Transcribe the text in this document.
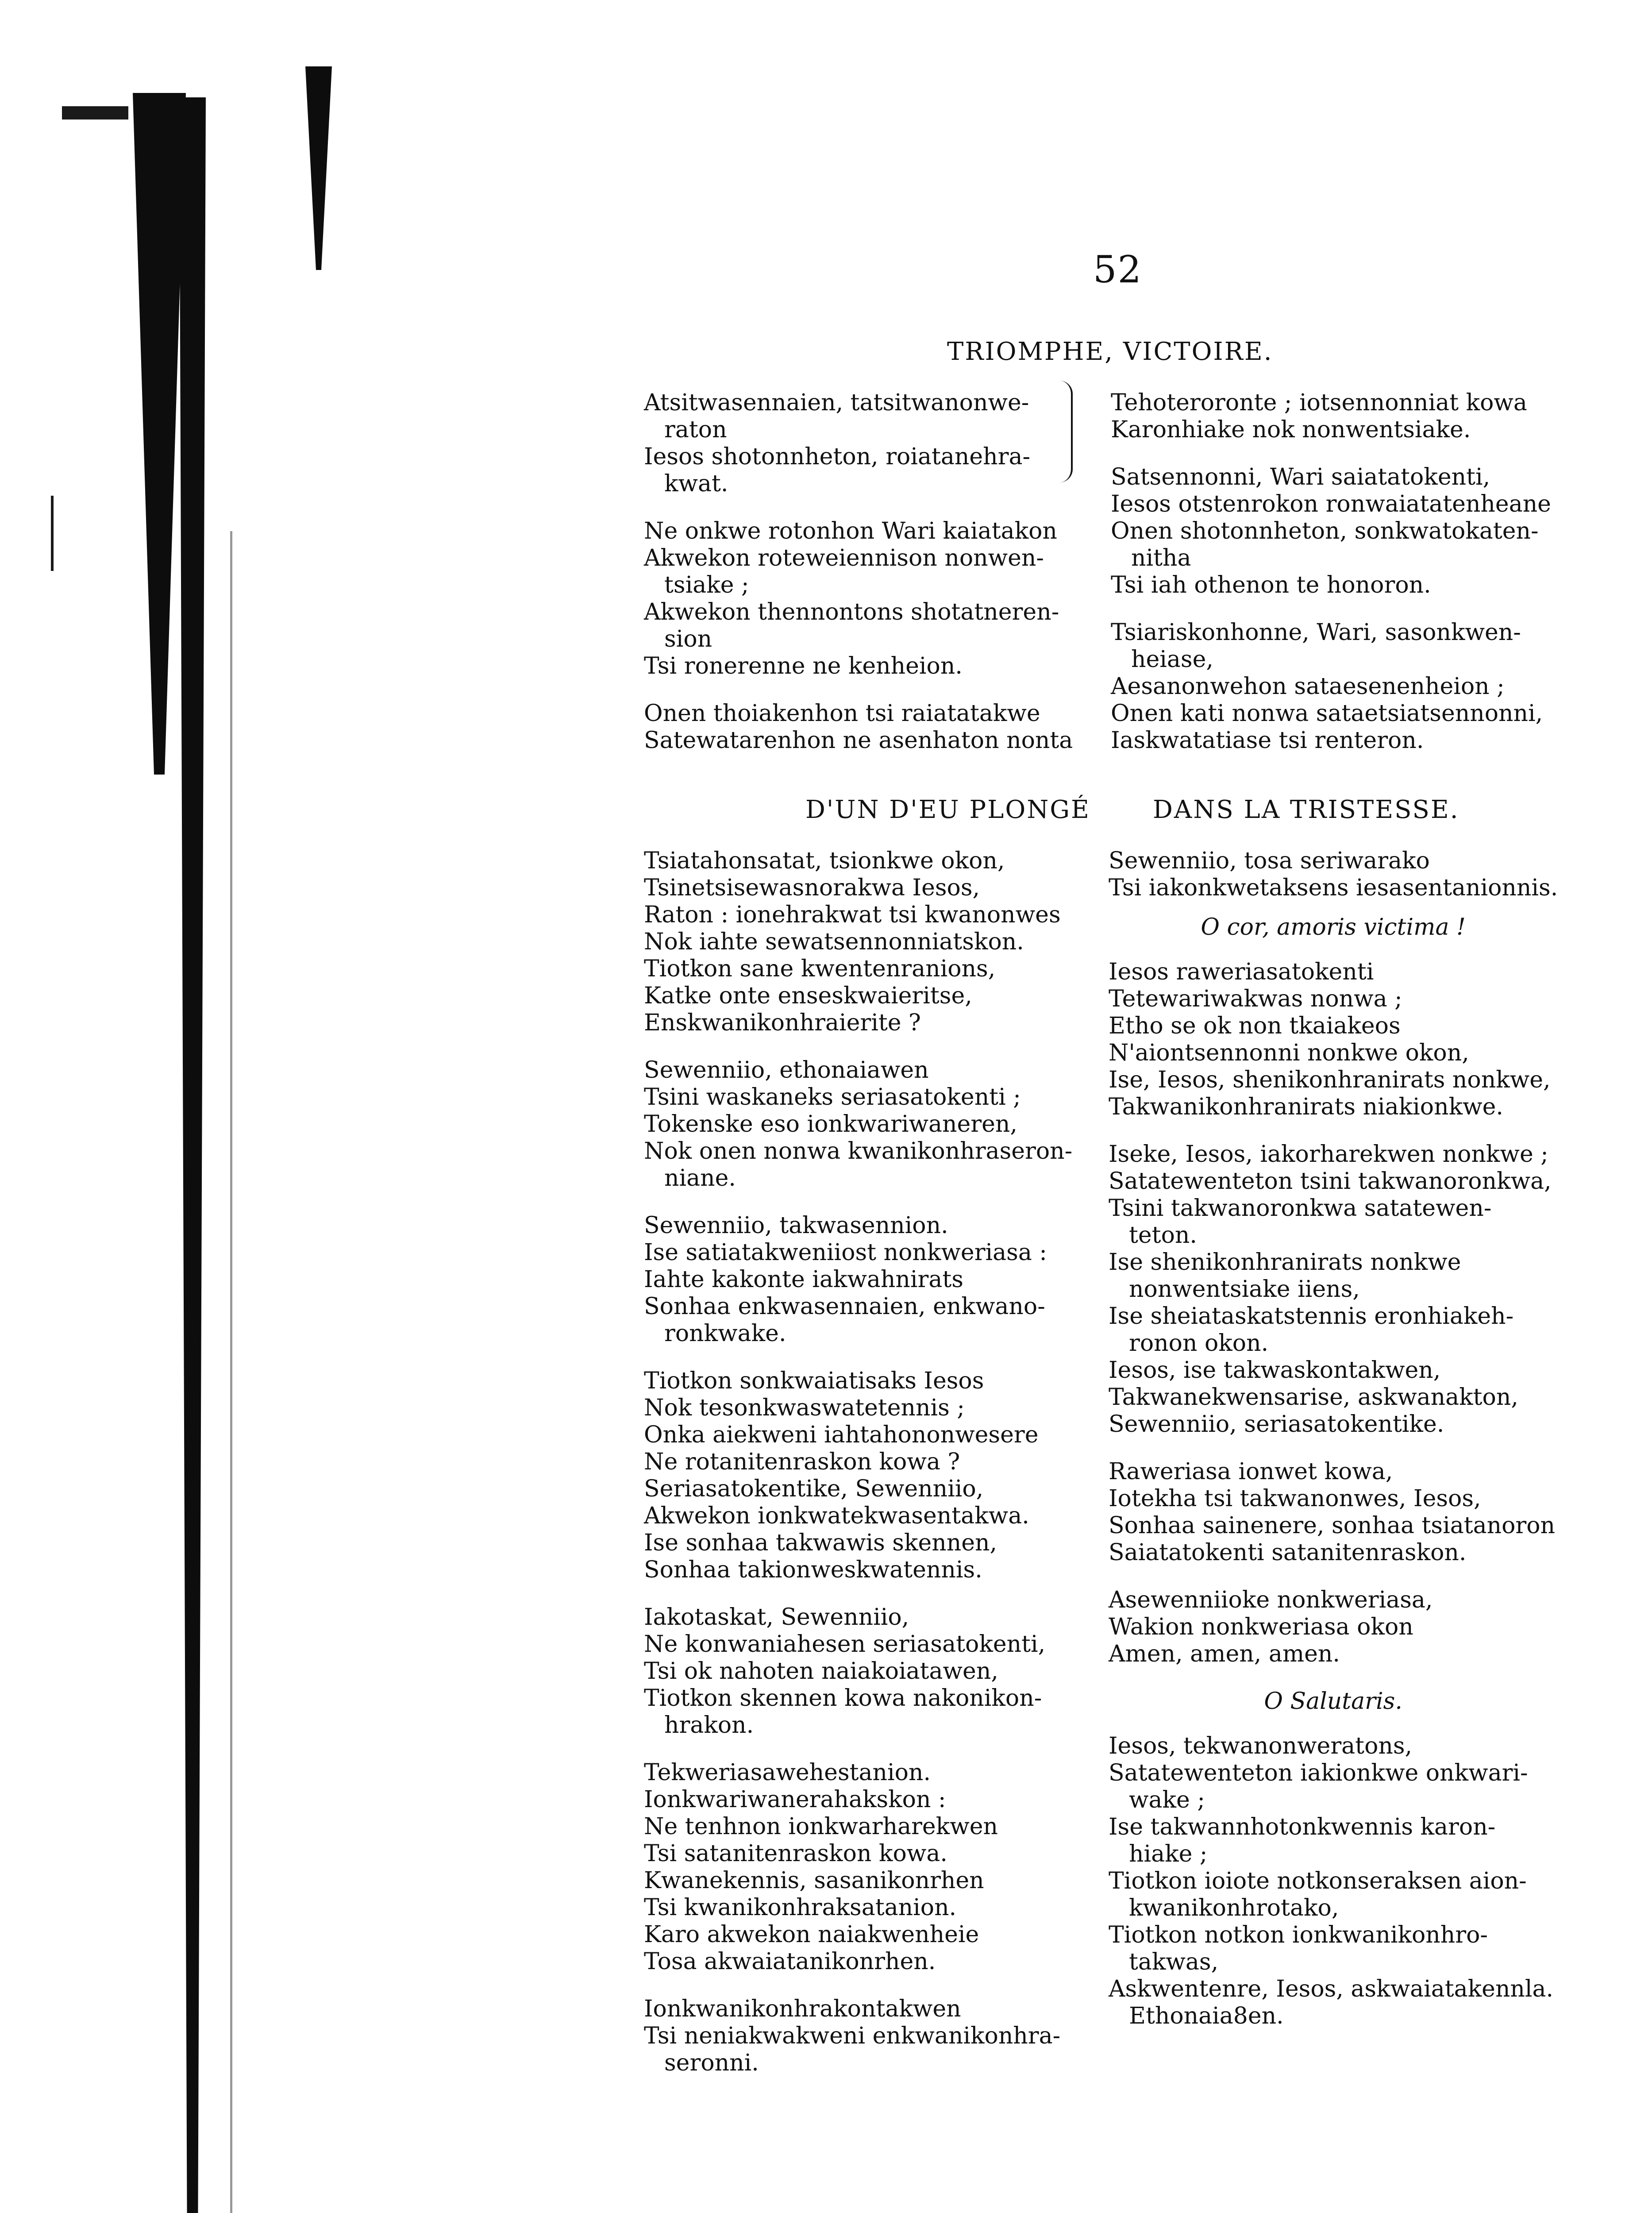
52
TRIOMPHE, VICTOIRE.
Atsitwasennaien, tatsitwanonwe-
raton
Iesos shotonnheton, roiatanehra-
kwat.
Ne onkwe rotonhon Wari kaiatakon
Akwekon roteweiennison nonwen-
tsiake ;
Akwekon thennontons shotatneren-
sion
Tsi ronerenne ne kenheion.
Onen thoiakenhon tsi raiatatakwe
Satewatarenhon ne asenhaton nonta
Tehoteroronte ; iotsennonniat kowa
Karonhiake nok nonwentsiake.
Satsennonni, Wari saiatatokenti,
Iesos otstenrokon ronwaiatatenheane
Onen shotonnheton, sonkwatokaten-
nitha
Tsi iah othenon te honoron.
Tsiariskonhonne, Wari, sasonkwen-
heiase,
Aesanonwehon sataesenenheion ;
Onen kati nonwa sataetsiatsennonni,
Iaskwatatiase tsi renteron.
D'UN D'EU PLONGÉ	DANS LA TRISTESSE.
Tsiatahonsatat, tsionkwe okon,
Tsinetsisewasnorakwa Iesos,
Raton : ionehrakwat tsi kwanonwes
Nok iahte sewatsennonniatskon.
Tiotkon sane kwentenranions,
Katke onte enseskwaieritse,
Enskwanikonhraierite ?
Sewenniio, ethonaiawen
Tsini waskaneks seriasatokenti ;
Tokenske eso ionkwariwaneren,
Nok onen nonwa kwanikonhraseron-
niane.
Sewenniio, takwasennion.
Ise satiatakweniiost nonkweriasa :
Iahte kakonte iakwahnirats
Sonhaa enkwasennaien, enkwano-
ronkwake.
Tiotkon sonkwaiatisaks Iesos
Nok tesonkwaswatetennis ;
Onka aiekweni iahtahononwesere
Ne rotanitenraskon kowa ?
Seriasatokentike, Sewenniio,
Akwekon ionkwatekwasentakwa.
Ise sonhaa takwawis skennen,
Sonhaa takionweskwatennis.
Iakotaskat, Sewenniio,
Ne konwaniahesen seriasatokenti,
Tsi ok nahoten naiakoiatawen,
Tiotkon skennen kowa nakonikon-
hrakon.
Tekweriasawehestanion.
Ionkwariwanerahakskon :
Ne tenhnon ionkwarharekwen
Tsi satanitenraskon kowa.
Kwanekennis, sasanikonrhen
Tsi kwanikonhraksatanion.
Karo akwekon naiakwenheie
Tosa akwaiatanikonrhen.
Ionkwanikonhrakontakwen
Tsi neniakwakweni enkwanikonhra-
seronni.
Sewenniio, tosa seriwarako
Tsi iakonkwetaksens iesasentanionnis.
O cor, amoris victima !
Iesos raweriasatokenti
Tetewariwakwas nonwa ;
Etho se ok non tkaiakeos
N'aiontsennonni nonkwe okon,
Ise, Iesos, shenikonhranirats nonkwe,
Takwanikonhranirats niakionkwe.
Iseke, Iesos, iakorharekwen nonkwe ;
Satatewenteton tsini takwanoronkwa,
Tsini takwanoronkwa satatewen-
teton.
Ise shenikonhranirats nonkwe
nonwentsiake iiens,
Ise sheiataskatstennis eronhiakeh-
ronon okon.
Iesos, ise takwaskontakwen,
Takwanekwensarise, askwanakton,
Sewenniio, seriasatokentike.
Raweriasa ionwet kowa,
Iotekha tsi takwanonwes, Iesos,
Sonhaa sainenere, sonhaa tsiatanoron
Saiatatokenti satanitenraskon.
Asewenniioke nonkweriasa,
Wakion nonkweriasa okon
Amen, amen, amen.
O Salutaris.
Iesos, tekwanonweratons,
Satatewenteton iakionkwe onkwari-
wake ;
Ise takwannhotonkwennis karon-
hiake ;
Tiotkon ioiote notkonseraksen aion-
kwanikonhrotako,
Tiotkon notkon ionkwanikonhro-
takwas,
Askwentenre, Iesos, askwaiatakennla.
Ethonaia8en.
